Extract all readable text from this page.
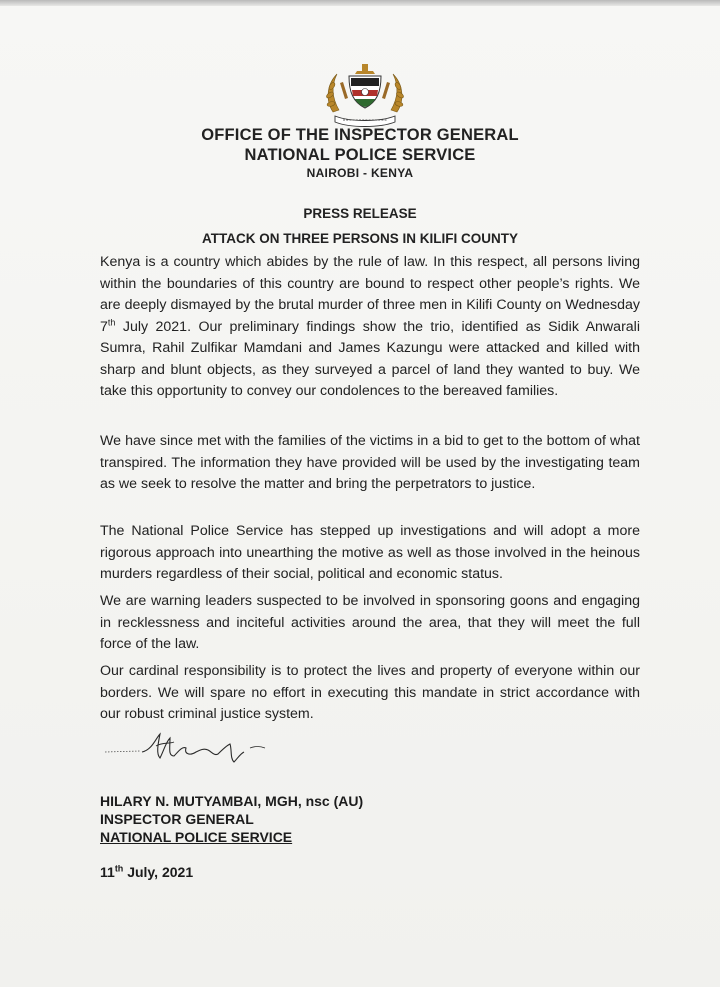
OFFICE OF THE INSPECTOR GENERAL
NATIONAL POLICE SERVICE
NAIROBI - KENYA
PRESS RELEASE
ATTACK ON THREE PERSONS IN KILIFI COUNTY

Kenya is a country which abides by the rule of law. In this respect, all persons living within the boundaries of this country are bound to respect other people’s rights. We are deeply dismayed by the brutal murder of three men in Kilifi County on Wednesday 7th July 2021. Our preliminary findings show the trio, identified as Sidik Anwarali Sumra, Rahil Zulfikar Mamdani and James Kazungu were attacked and killed with sharp and blunt objects, as they surveyed a parcel of land they wanted to buy. We take this opportunity to convey our condolences to the bereaved families.

We have since met with the families of the victims in a bid to get to the bottom of what transpired. The information they have provided will be used by the investigating team as we seek to resolve the matter and bring the perpetrators to justice.

The National Police Service has stepped up investigations and will adopt a more rigorous approach into unearthing the motive as well as those involved in the heinous murders regardless of their social, political and economic status.

We are warning leaders suspected to be involved in sponsoring goons and engaging in recklessness and inciteful activities around the area, that they will meet the full force of the law.

Our cardinal responsibility is to protect the lives and property of everyone within our borders. We will spare no effort in executing this mandate in strict accordance with our robust criminal justice system.

HILARY N. MUTYAMBAI, MGH, nsc (AU)
INSPECTOR GENERAL
NATIONAL POLICE SERVICE
11th July, 2021
